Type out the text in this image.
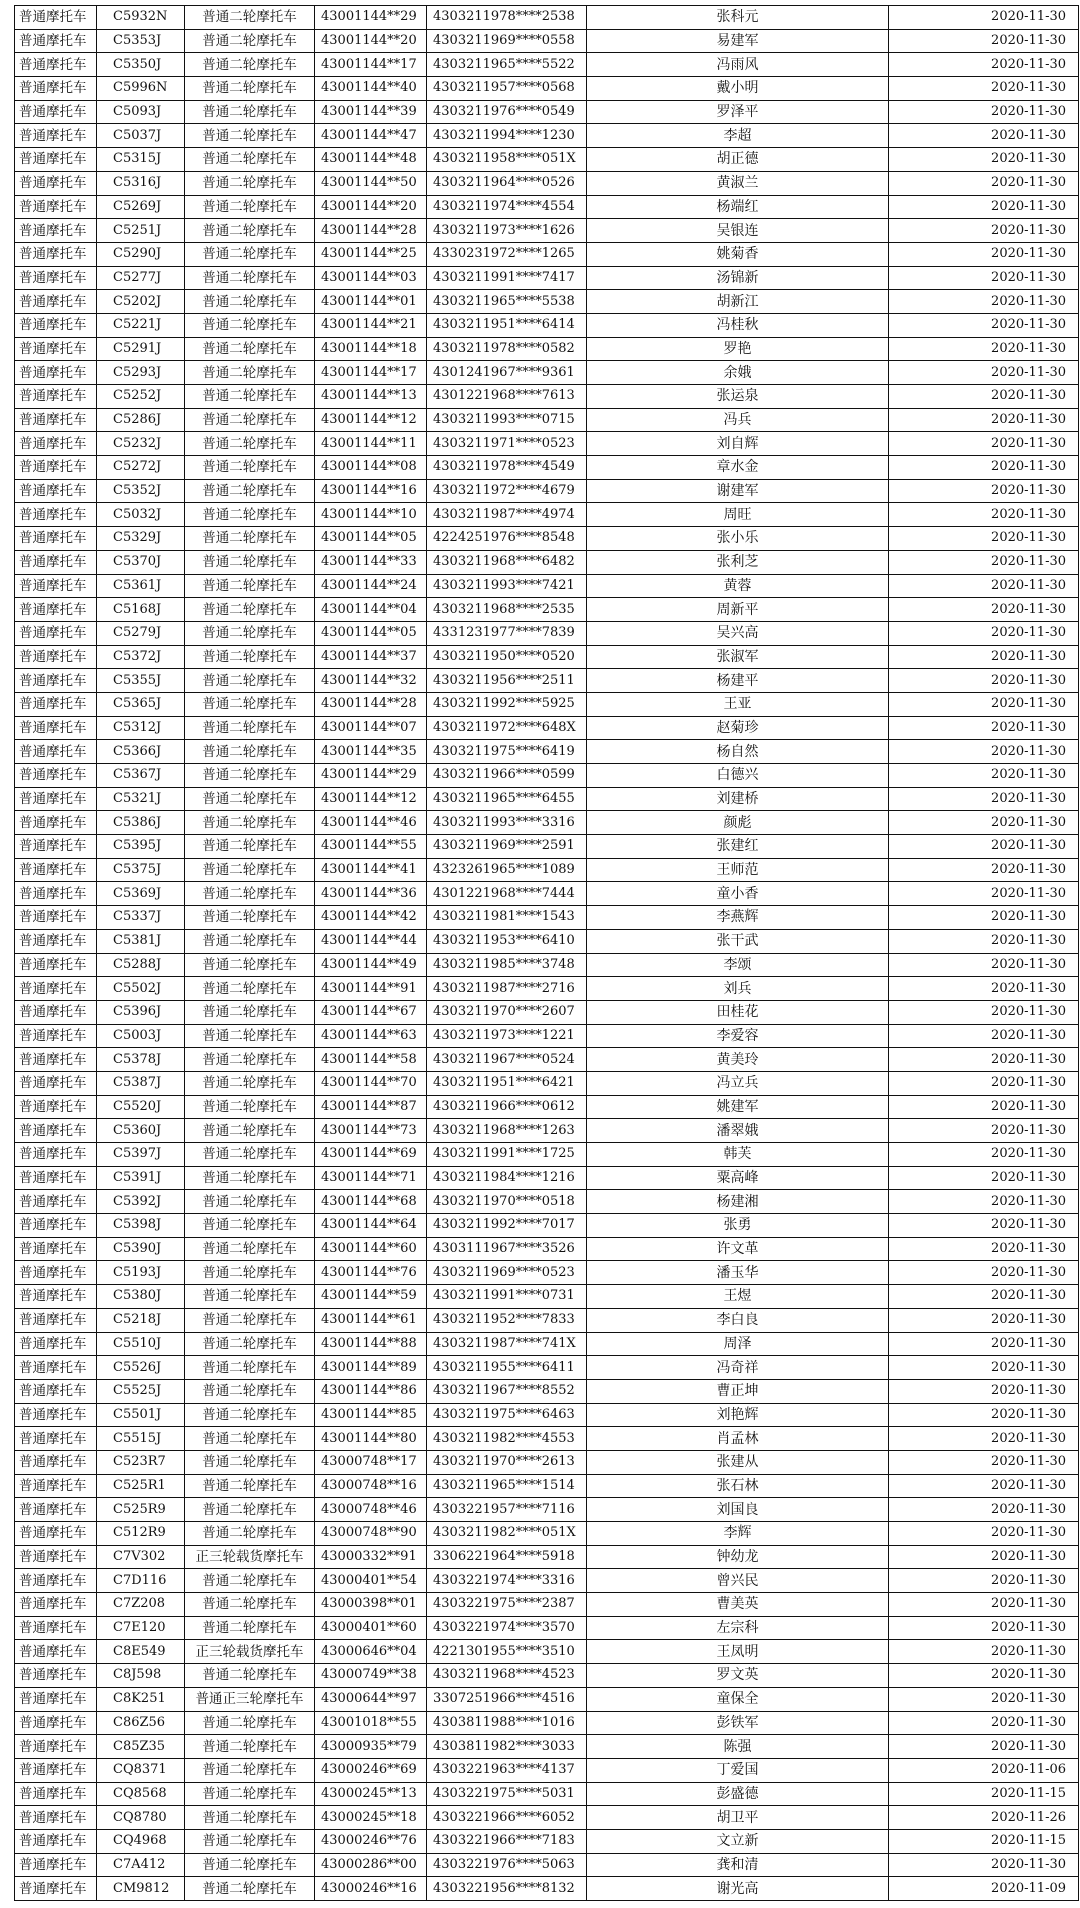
普通摩托车	C5932N	普通二轮摩托车	43001144**29	4303211978****2538	张科元	2020-11-30
普通摩托车	C5353J	普通二轮摩托车	43001144**20	4303211969****0558	易建军	2020-11-30
普通摩托车	C5350J	普通二轮摩托车	43001144**17	4303211965****5522	冯雨风	2020-11-30
普通摩托车	C5996N	普通二轮摩托车	43001144**40	4303211957****0568	戴小明	2020-11-30
普通摩托车	C5093J	普通二轮摩托车	43001144**39	4303211976****0549	罗泽平	2020-11-30
普通摩托车	C5037J	普通二轮摩托车	43001144**47	4303211994****1230	李超	2020-11-30
普通摩托车	C5315J	普通二轮摩托车	43001144**48	4303211958****051X	胡正德	2020-11-30
普通摩托车	C5316J	普通二轮摩托车	43001144**50	4303211964****0526	黄淑兰	2020-11-30
普通摩托车	C5269J	普通二轮摩托车	43001144**20	4303211974****4554	杨端红	2020-11-30
普通摩托车	C5251J	普通二轮摩托车	43001144**28	4303211973****1626	吴银连	2020-11-30
普通摩托车	C5290J	普通二轮摩托车	43001144**25	4330231972****1265	姚菊香	2020-11-30
普通摩托车	C5277J	普通二轮摩托车	43001144**03	4303211991****7417	汤锦新	2020-11-30
普通摩托车	C5202J	普通二轮摩托车	43001144**01	4303211965****5538	胡新江	2020-11-30
普通摩托车	C5221J	普通二轮摩托车	43001144**21	4303211951****6414	冯桂秋	2020-11-30
普通摩托车	C5291J	普通二轮摩托车	43001144**18	4303211978****0582	罗艳	2020-11-30
普通摩托车	C5293J	普通二轮摩托车	43001144**17	4301241967****9361	余娥	2020-11-30
普通摩托车	C5252J	普通二轮摩托车	43001144**13	4301221968****7613	张运泉	2020-11-30
普通摩托车	C5286J	普通二轮摩托车	43001144**12	4303211993****0715	冯兵	2020-11-30
普通摩托车	C5232J	普通二轮摩托车	43001144**11	4303211971****0523	刘自辉	2020-11-30
普通摩托车	C5272J	普通二轮摩托车	43001144**08	4303211978****4549	章水金	2020-11-30
普通摩托车	C5352J	普通二轮摩托车	43001144**16	4303211972****4679	谢建军	2020-11-30
普通摩托车	C5032J	普通二轮摩托车	43001144**10	4303211987****4974	周旺	2020-11-30
普通摩托车	C5329J	普通二轮摩托车	43001144**05	4224251976****8548	张小乐	2020-11-30
普通摩托车	C5370J	普通二轮摩托车	43001144**33	4303211968****6482	张利芝	2020-11-30
普通摩托车	C5361J	普通二轮摩托车	43001144**24	4303211993****7421	黄蓉	2020-11-30
普通摩托车	C5168J	普通二轮摩托车	43001144**04	4303211968****2535	周新平	2020-11-30
普通摩托车	C5279J	普通二轮摩托车	43001144**05	4331231977****7839	吴兴高	2020-11-30
普通摩托车	C5372J	普通二轮摩托车	43001144**37	4303211950****0520	张淑军	2020-11-30
普通摩托车	C5355J	普通二轮摩托车	43001144**32	4303211956****2511	杨建平	2020-11-30
普通摩托车	C5365J	普通二轮摩托车	43001144**28	4303211992****5925	王亚	2020-11-30
普通摩托车	C5312J	普通二轮摩托车	43001144**07	4303211972****648X	赵菊珍	2020-11-30
普通摩托车	C5366J	普通二轮摩托车	43001144**35	4303211975****6419	杨自然	2020-11-30
普通摩托车	C5367J	普通二轮摩托车	43001144**29	4303211966****0599	白德兴	2020-11-30
普通摩托车	C5321J	普通二轮摩托车	43001144**12	4303211965****6455	刘建桥	2020-11-30
普通摩托车	C5386J	普通二轮摩托车	43001144**46	4303211993****3316	颜彪	2020-11-30
普通摩托车	C5395J	普通二轮摩托车	43001144**55	4303211969****2591	张建红	2020-11-30
普通摩托车	C5375J	普通二轮摩托车	43001144**41	4323261965****1089	王师范	2020-11-30
普通摩托车	C5369J	普通二轮摩托车	43001144**36	4301221968****7444	童小香	2020-11-30
普通摩托车	C5337J	普通二轮摩托车	43001144**42	4303211981****1543	李燕辉	2020-11-30
普通摩托车	C5381J	普通二轮摩托车	43001144**44	4303211953****6410	张干武	2020-11-30
普通摩托车	C5288J	普通二轮摩托车	43001144**49	4303211985****3748	李颂	2020-11-30
普通摩托车	C5502J	普通二轮摩托车	43001144**91	4303211987****2716	刘兵	2020-11-30
普通摩托车	C5396J	普通二轮摩托车	43001144**67	4303211970****2607	田桂花	2020-11-30
普通摩托车	C5003J	普通二轮摩托车	43001144**63	4303211973****1221	李爱容	2020-11-30
普通摩托车	C5378J	普通二轮摩托车	43001144**58	4303211967****0524	黄美玲	2020-11-30
普通摩托车	C5387J	普通二轮摩托车	43001144**70	4303211951****6421	冯立兵	2020-11-30
普通摩托车	C5520J	普通二轮摩托车	43001144**87	4303211966****0612	姚建军	2020-11-30
普通摩托车	C5360J	普通二轮摩托车	43001144**73	4303211968****1263	潘翠娥	2020-11-30
普通摩托车	C5397J	普通二轮摩托车	43001144**69	4303211991****1725	韩芙	2020-11-30
普通摩托车	C5391J	普通二轮摩托车	43001144**71	4303211984****1216	粟高峰	2020-11-30
普通摩托车	C5392J	普通二轮摩托车	43001144**68	4303211970****0518	杨建湘	2020-11-30
普通摩托车	C5398J	普通二轮摩托车	43001144**64	4303211992****7017	张勇	2020-11-30
普通摩托车	C5390J	普通二轮摩托车	43001144**60	4303111967****3526	许文革	2020-11-30
普通摩托车	C5193J	普通二轮摩托车	43001144**76	4303211969****0523	潘玉华	2020-11-30
普通摩托车	C5380J	普通二轮摩托车	43001144**59	4303211991****0731	王煜	2020-11-30
普通摩托车	C5218J	普通二轮摩托车	43001144**61	4303211952****7833	李白良	2020-11-30
普通摩托车	C5510J	普通二轮摩托车	43001144**88	4303211987****741X	周泽	2020-11-30
普通摩托车	C5526J	普通二轮摩托车	43001144**89	4303211955****6411	冯奇祥	2020-11-30
普通摩托车	C5525J	普通二轮摩托车	43001144**86	4303211967****8552	曹正坤	2020-11-30
普通摩托车	C5501J	普通二轮摩托车	43001144**85	4303211975****6463	刘艳辉	2020-11-30
普通摩托车	C5515J	普通二轮摩托车	43001144**80	4303211982****4553	肖孟林	2020-11-30
普通摩托车	C523R7	普通二轮摩托车	43000748**17	4303211970****2613	张建从	2020-11-30
普通摩托车	C525R1	普通二轮摩托车	43000748**16	4303211965****1514	张石林	2020-11-30
普通摩托车	C525R9	普通二轮摩托车	43000748**46	4303221957****7116	刘国良	2020-11-30
普通摩托车	C512R9	普通二轮摩托车	43000748**90	4303211982****051X	李辉	2020-11-30
普通摩托车	C7V302	正三轮载货摩托车	43000332**91	3306221964****5918	钟幼龙	2020-11-30
普通摩托车	C7D116	普通二轮摩托车	43000401**54	4303221974****3316	曾兴民	2020-11-30
普通摩托车	C7Z208	普通二轮摩托车	43000398**01	4303221975****2387	曹美英	2020-11-30
普通摩托车	C7E120	普通二轮摩托车	43000401**60	4303221974****3570	左宗科	2020-11-30
普通摩托车	C8E549	正三轮载货摩托车	43000646**04	4221301955****3510	王凤明	2020-11-30
普通摩托车	C8J598	普通二轮摩托车	43000749**38	4303211968****4523	罗文英	2020-11-30
普通摩托车	C8K251	普通正三轮摩托车	43000644**97	3307251966****4516	童保全	2020-11-30
普通摩托车	C86Z56	普通二轮摩托车	43001018**55	4303811988****1016	彭铁军	2020-11-30
普通摩托车	C85Z35	普通二轮摩托车	43000935**79	4303811982****3033	陈强	2020-11-30
普通摩托车	CQ8371	普通二轮摩托车	43000246**69	4303221963****4137	丁爱国	2020-11-06
普通摩托车	CQ8568	普通二轮摩托车	43000245**13	4303221975****5031	彭盛德	2020-11-15
普通摩托车	CQ8780	普通二轮摩托车	43000245**18	4303221966****6052	胡卫平	2020-11-26
普通摩托车	CQ4968	普通二轮摩托车	43000246**76	4303221966****7183	文立新	2020-11-15
普通摩托车	C7A412	普通二轮摩托车	43000286**00	4303221976****5063	龚和清	2020-11-30
普通摩托车	CM9812	普通二轮摩托车	43000246**16	4303221956****8132	谢光高	2020-11-09
